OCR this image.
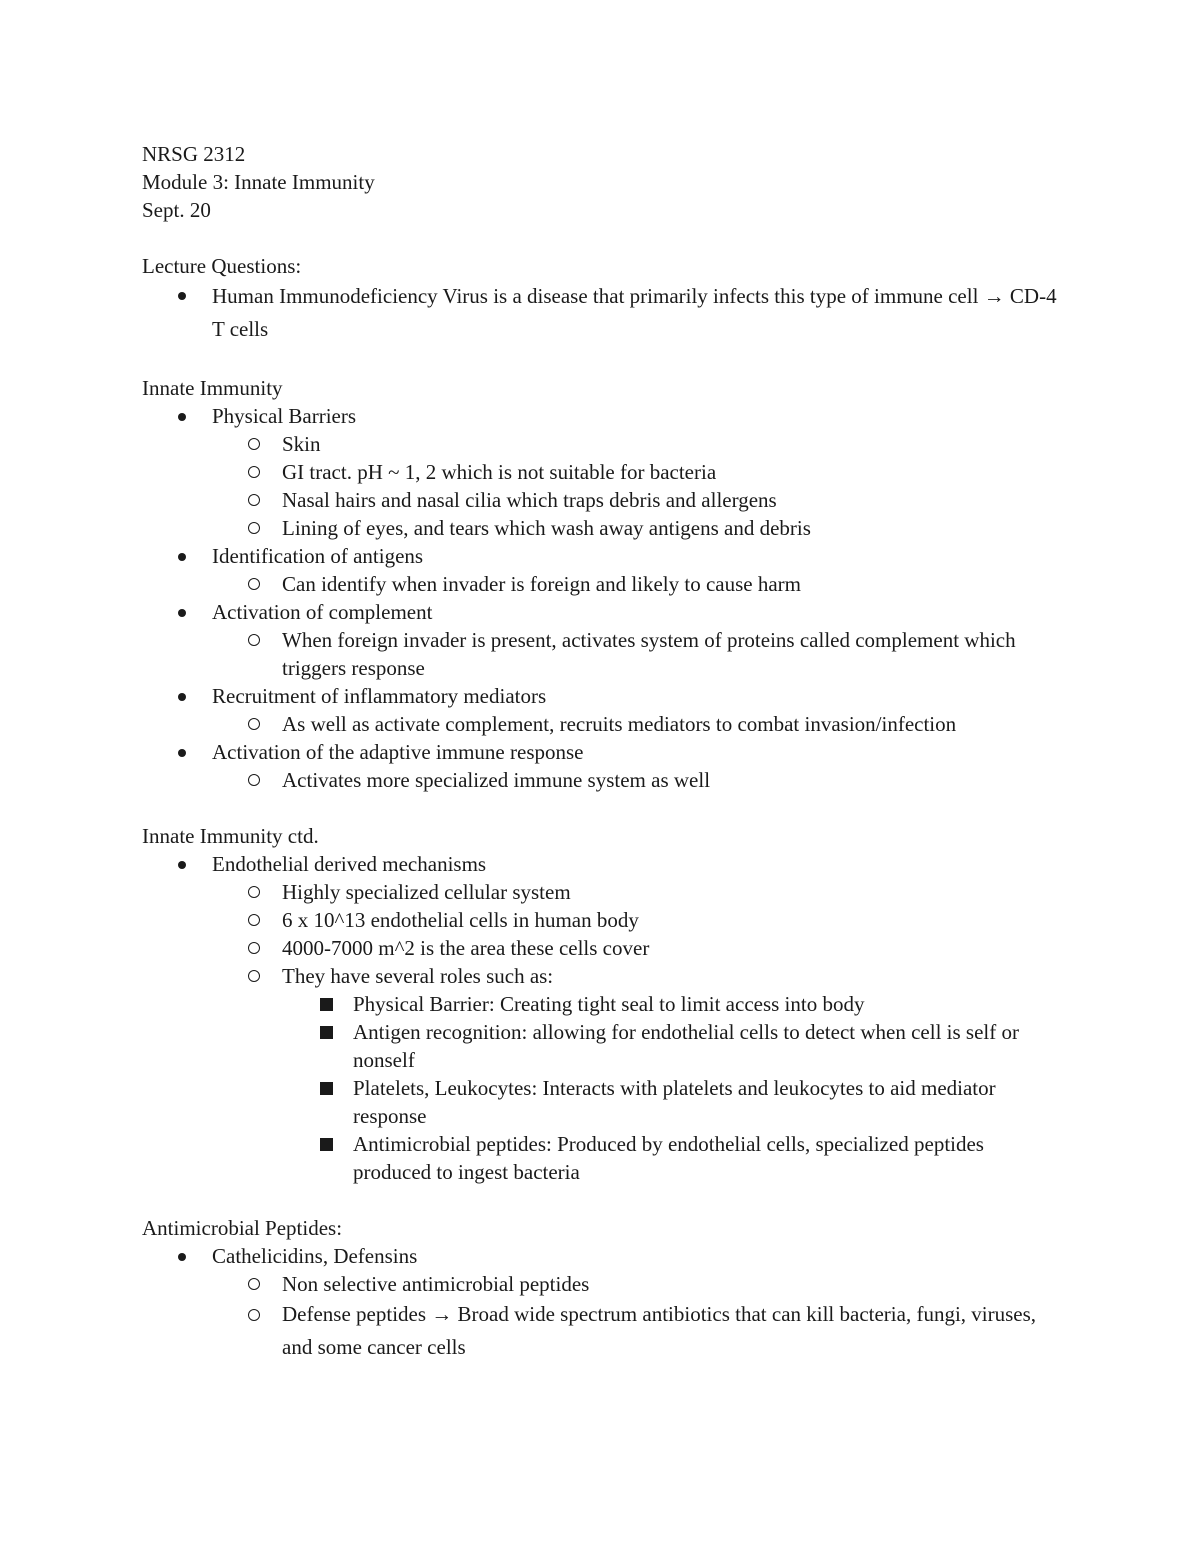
NRSG 2312

Module 3: Innate Immunity

Sept. 20

Lecture Questions:

Human Immunodeficiency Virus is a disease that primarily infects this type of immune cell → CD-4 T cells

Innate Immunity

Physical Barriers
Skin
GI tract. pH ~ 1, 2 which is not suitable for bacteria
Nasal hairs and nasal cilia which traps debris and allergens
Lining of eyes, and tears which wash away antigens and debris
Identification of antigens
Can identify when invader is foreign and likely to cause harm
Activation of complement
When foreign invader is present, activates system of proteins called complement which triggers response
Recruitment of inflammatory mediators
As well as activate complement, recruits mediators to combat invasion/infection
Activation of the adaptive immune response
Activates more specialized immune system as well

Innate Immunity ctd.

Endothelial derived mechanisms
Highly specialized cellular system
6 x 10^13 endothelial cells in human body
4000-7000 m^2 is the area these cells cover
They have several roles such as:
Physical Barrier: Creating tight seal to limit access into body
Antigen recognition: allowing for endothelial cells to detect when cell is self or nonself
Platelets, Leukocytes: Interacts with platelets and leukocytes to aid mediator response
Antimicrobial peptides: Produced by endothelial cells, specialized peptides produced to ingest bacteria

Antimicrobial Peptides:

Cathelicidins, Defensins
Non selective antimicrobial peptides
Defense peptides → Broad wide spectrum antibiotics that can kill bacteria, fungi, viruses, and some cancer cells
